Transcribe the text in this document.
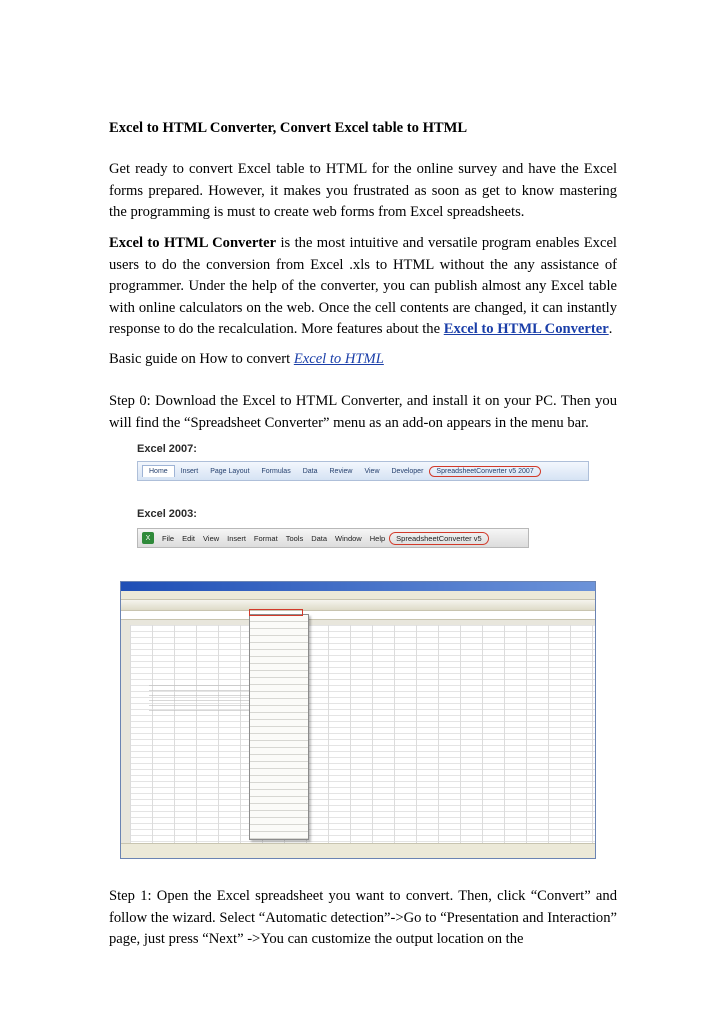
Excel to HTML Converter, Convert Excel table to HTML
Get ready to convert Excel table to HTML for the online survey and have the Excel forms prepared. However, it makes you frustrated as soon as get to know mastering the programming is must to create web forms from Excel spreadsheets.
Excel to HTML Converter is the most intuitive and versatile program enables Excel users to do the conversion from Excel .xls to HTML without the any assistance of programmer. Under the help of the converter, you can publish almost any Excel table with online calculators on the web. Once the cell contents are changed, it can instantly response to do the recalculation. More features about the Excel to HTML Converter.
Basic guide on How to convert Excel to HTML
Step 0: Download the Excel to HTML Converter, and install it on your PC. Then you will find the “Spreadsheet Converter” menu as an add-on appears in the menu bar.
Excel 2007:
Home	Insert	Page Layout	Formulas	Data	Review	View	Developer	SpreadsheetConverter v5 2007
Excel 2003:
X	File	Edit	View	Insert	Format	Tools	Data	Window	Help	SpreadsheetConverter v5
Step 1: Open the Excel spreadsheet you want to convert. Then, click “Convert” and follow the wizard. Select “Automatic detection”->Go to “Presentation and Interaction” page, just press “Next” ->You can customize the output location on the
